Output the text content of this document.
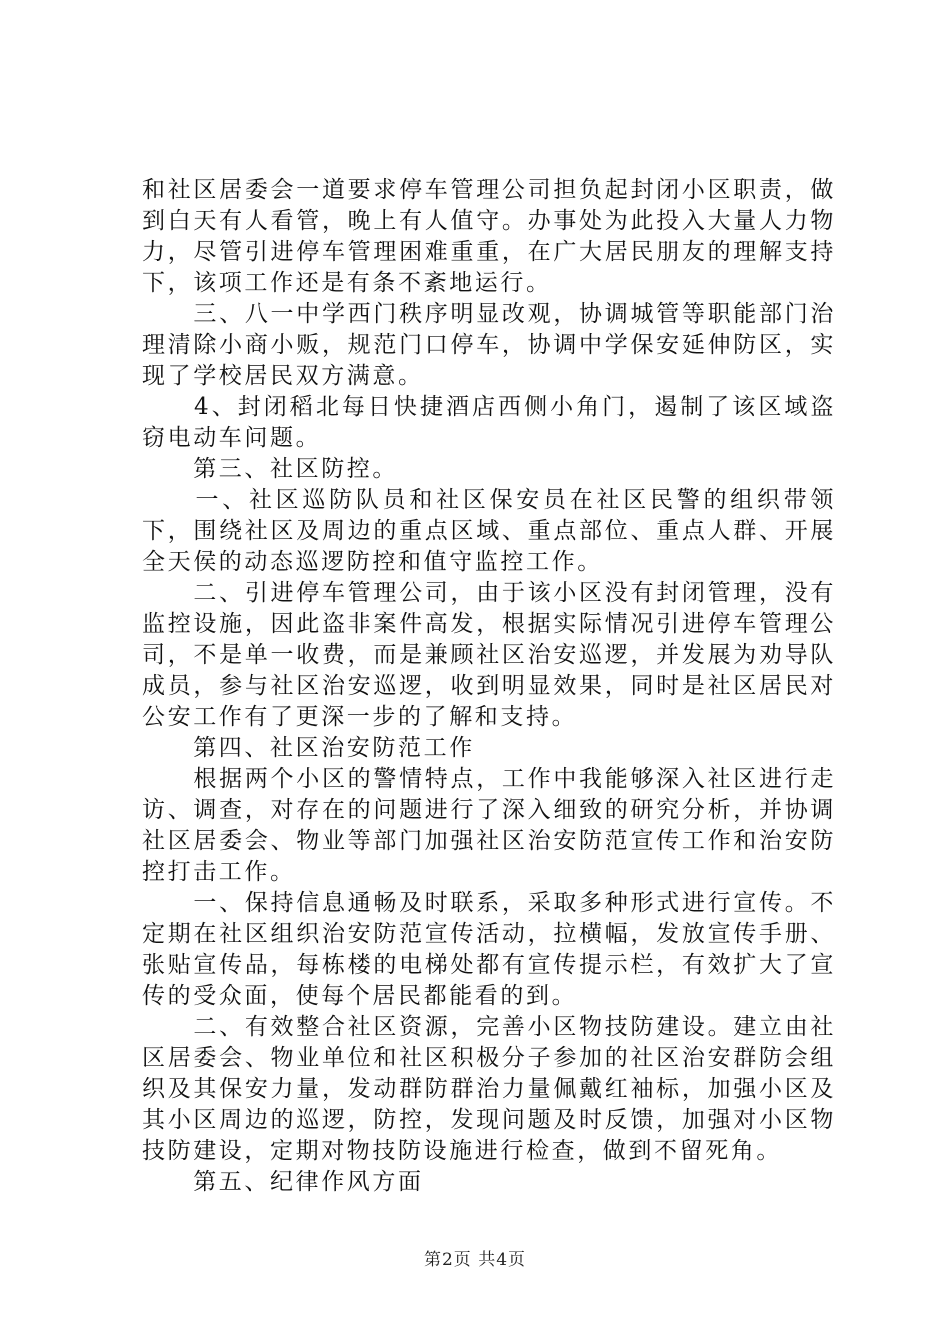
和社区居委会一道要求停车管理公司担负起封闭小区职责，做到白天有人看管，晚上有人值守。办事处为此投入大量人力物力，尽管引进停车管理困难重重，在广大居民朋友的理解支持下，该项工作还是有条不紊地运行。

　　三、八一中学西门秩序明显改观，协调城管等职能部门治理清除小商小贩，规范门口停车，协调中学保安延伸防区，实现了学校居民双方满意。

　　4、封闭稻北每日快捷酒店西侧小角门，遏制了该区域盗窃电动车问题。

　　第三、社区防控。

　　一、社区巡防队员和社区保安员在社区民警的组织带领下，围绕社区及周边的重点区域、重点部位、重点人群、开展全天侯的动态巡逻防控和值守监控工作。

　　二、引进停车管理公司，由于该小区没有封闭管理，没有监控设施，因此盗非案件高发，根据实际情况引进停车管理公司，不是单一收费，而是兼顾社区治安巡逻，并发展为劝导队成员，参与社区治安巡逻，收到明显效果，同时是社区居民对公安工作有了更深一步的了解和支持。

　　第四、社区治安防范工作

　　根据两个小区的警情特点，工作中我能够深入社区进行走访、调查，对存在的问题进行了深入细致的研究分析，并协调社区居委会、物业等部门加强社区治安防范宣传工作和治安防控打击工作。

　　一、保持信息通畅及时联系，采取多种形式进行宣传。不定期在社区组织治安防范宣传活动，拉横幅，发放宣传手册、张贴宣传品，每栋楼的电梯处都有宣传提示栏，有效扩大了宣传的受众面，使每个居民都能看的到。

　　二、有效整合社区资源，完善小区物技防建设。建立由社区居委会、物业单位和社区积极分子参加的社区治安群防会组织及其保安力量，发动群防群治力量佩戴红袖标，加强小区及其小区周边的巡逻，防控，发现问题及时反馈，加强对小区物技防建设，定期对物技防设施进行检查，做到不留死角。

　　第五、纪律作风方面

第2页 共4页
